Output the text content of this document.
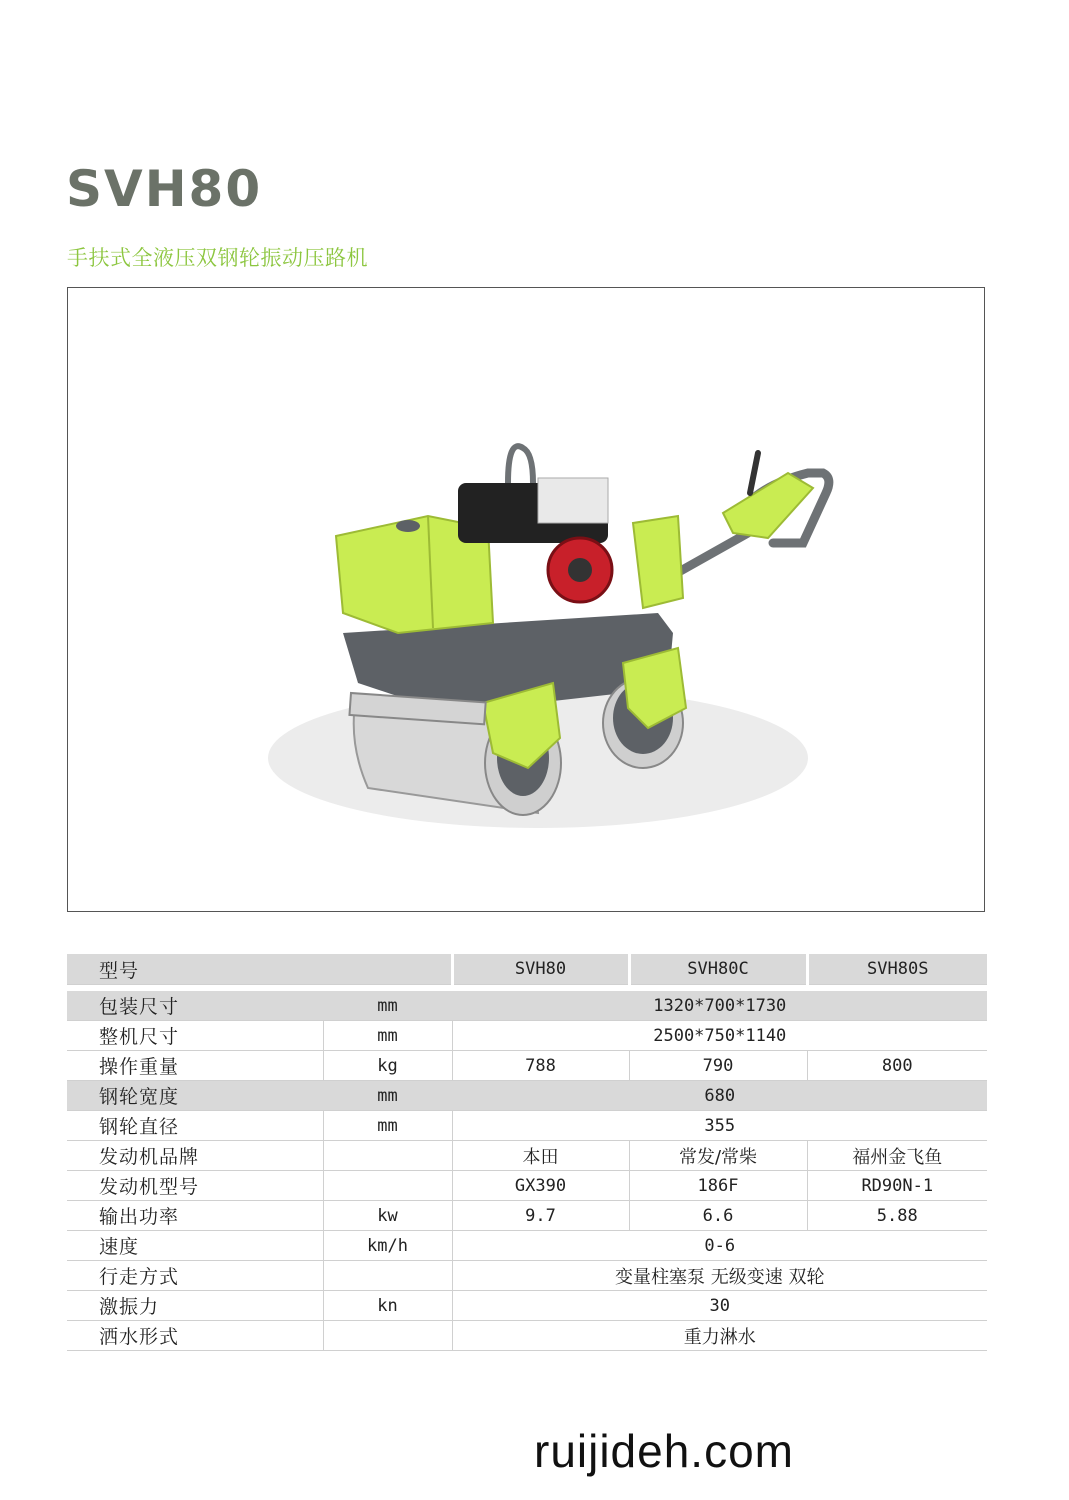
SVH80
手扶式全液压双钢轮振动压路机
型号		SVH80	SVH80C	SVH80S

包装尺寸	mm	1320*700*1730		
整机尺寸	mm	2500*750*1140		
操作重量	kg	788	790	800
钢轮宽度	mm	680		
钢轮直径	mm	355		
发动机品牌		本田	常发/常柴	福州金飞鱼
发动机型号		GX390	186F	RD90N-1
输出功率	kw	9.7	6.6	5.88
速度	km/h	0-6		
行走方式		变量柱塞泵 无级变速 双轮		
激振力	kn	30		
洒水形式		重力淋水		
ruijideh.com
